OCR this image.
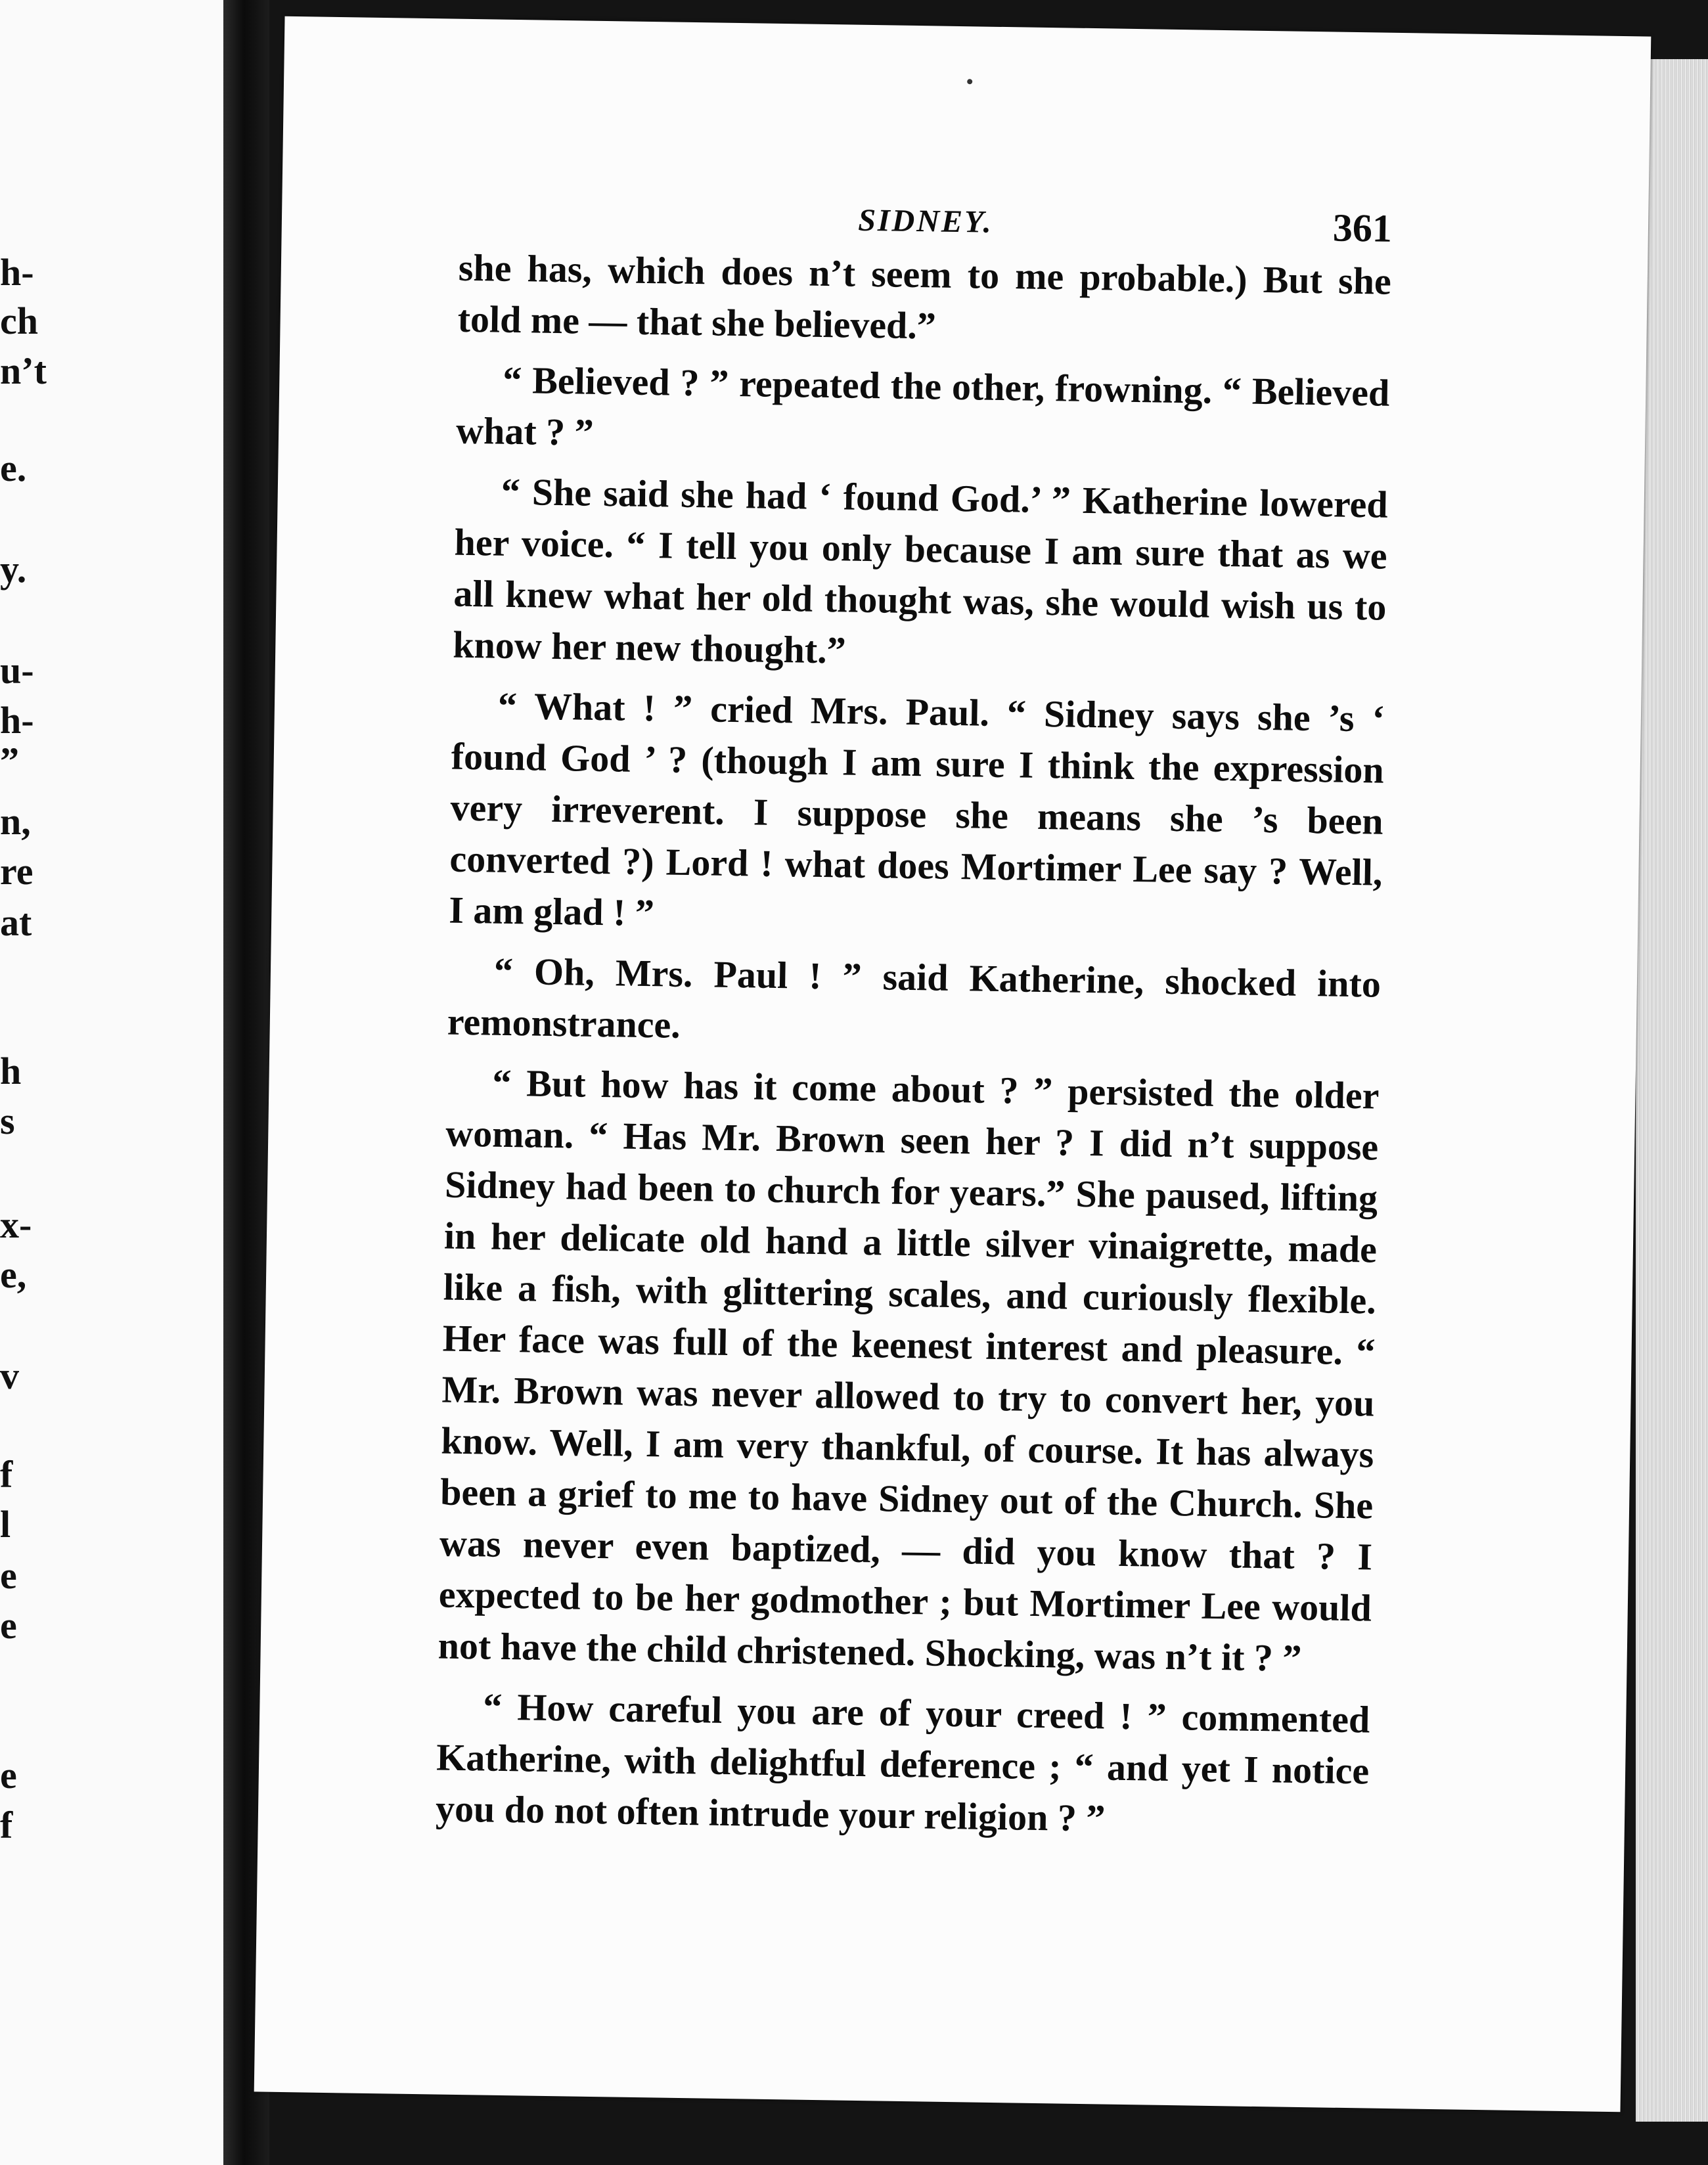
h-
ch
n’t
e.
y.
u-
h-
”
n,
re
at
h
s
x-
e,
v
f
l
e
e
e
f
SIDNEY.	361

she has, which does n’t seem to me probable.) But she told me — that she believed.”

“ Believed ? ” repeated the other, frowning. “ Believed what ? ”

“ She said she had ‘ found God.’ ” Katherine lowered her voice. “ I tell you only because I am sure that as we all knew what her old thought was, she would wish us to know her new thought.”

“ What ! ” cried Mrs. Paul. “ Sidney says she ’s ‘ found God ’ ? (though I am sure I think the expression very irreverent. I suppose she means she ’s been converted ?) Lord ! what does Mortimer Lee say ? Well, I am glad ! ”

“ Oh, Mrs. Paul ! ” said Katherine, shocked into remonstrance.

“ But how has it come about ? ” persisted the older woman. “ Has Mr. Brown seen her ? I did n’t suppose Sidney had been to church for years.” She paused, lifting in her delicate old hand a little silver vinaigrette, made like a fish, with glittering scales, and curiously flexible. Her face was full of the keenest interest and pleasure. “ Mr. Brown was never allowed to try to convert her, you know. Well, I am very thankful, of course. It has always been a grief to me to have Sidney out of the Church. She was never even baptized, — did you know that ? I expected to be her godmother ; but Mortimer Lee would not have the child christened. Shocking, was n’t it ? ”

“ How careful you are of your creed ! ” commented Katherine, with delightful deference ; “ and yet I notice you do not often intrude your religion ? ”
